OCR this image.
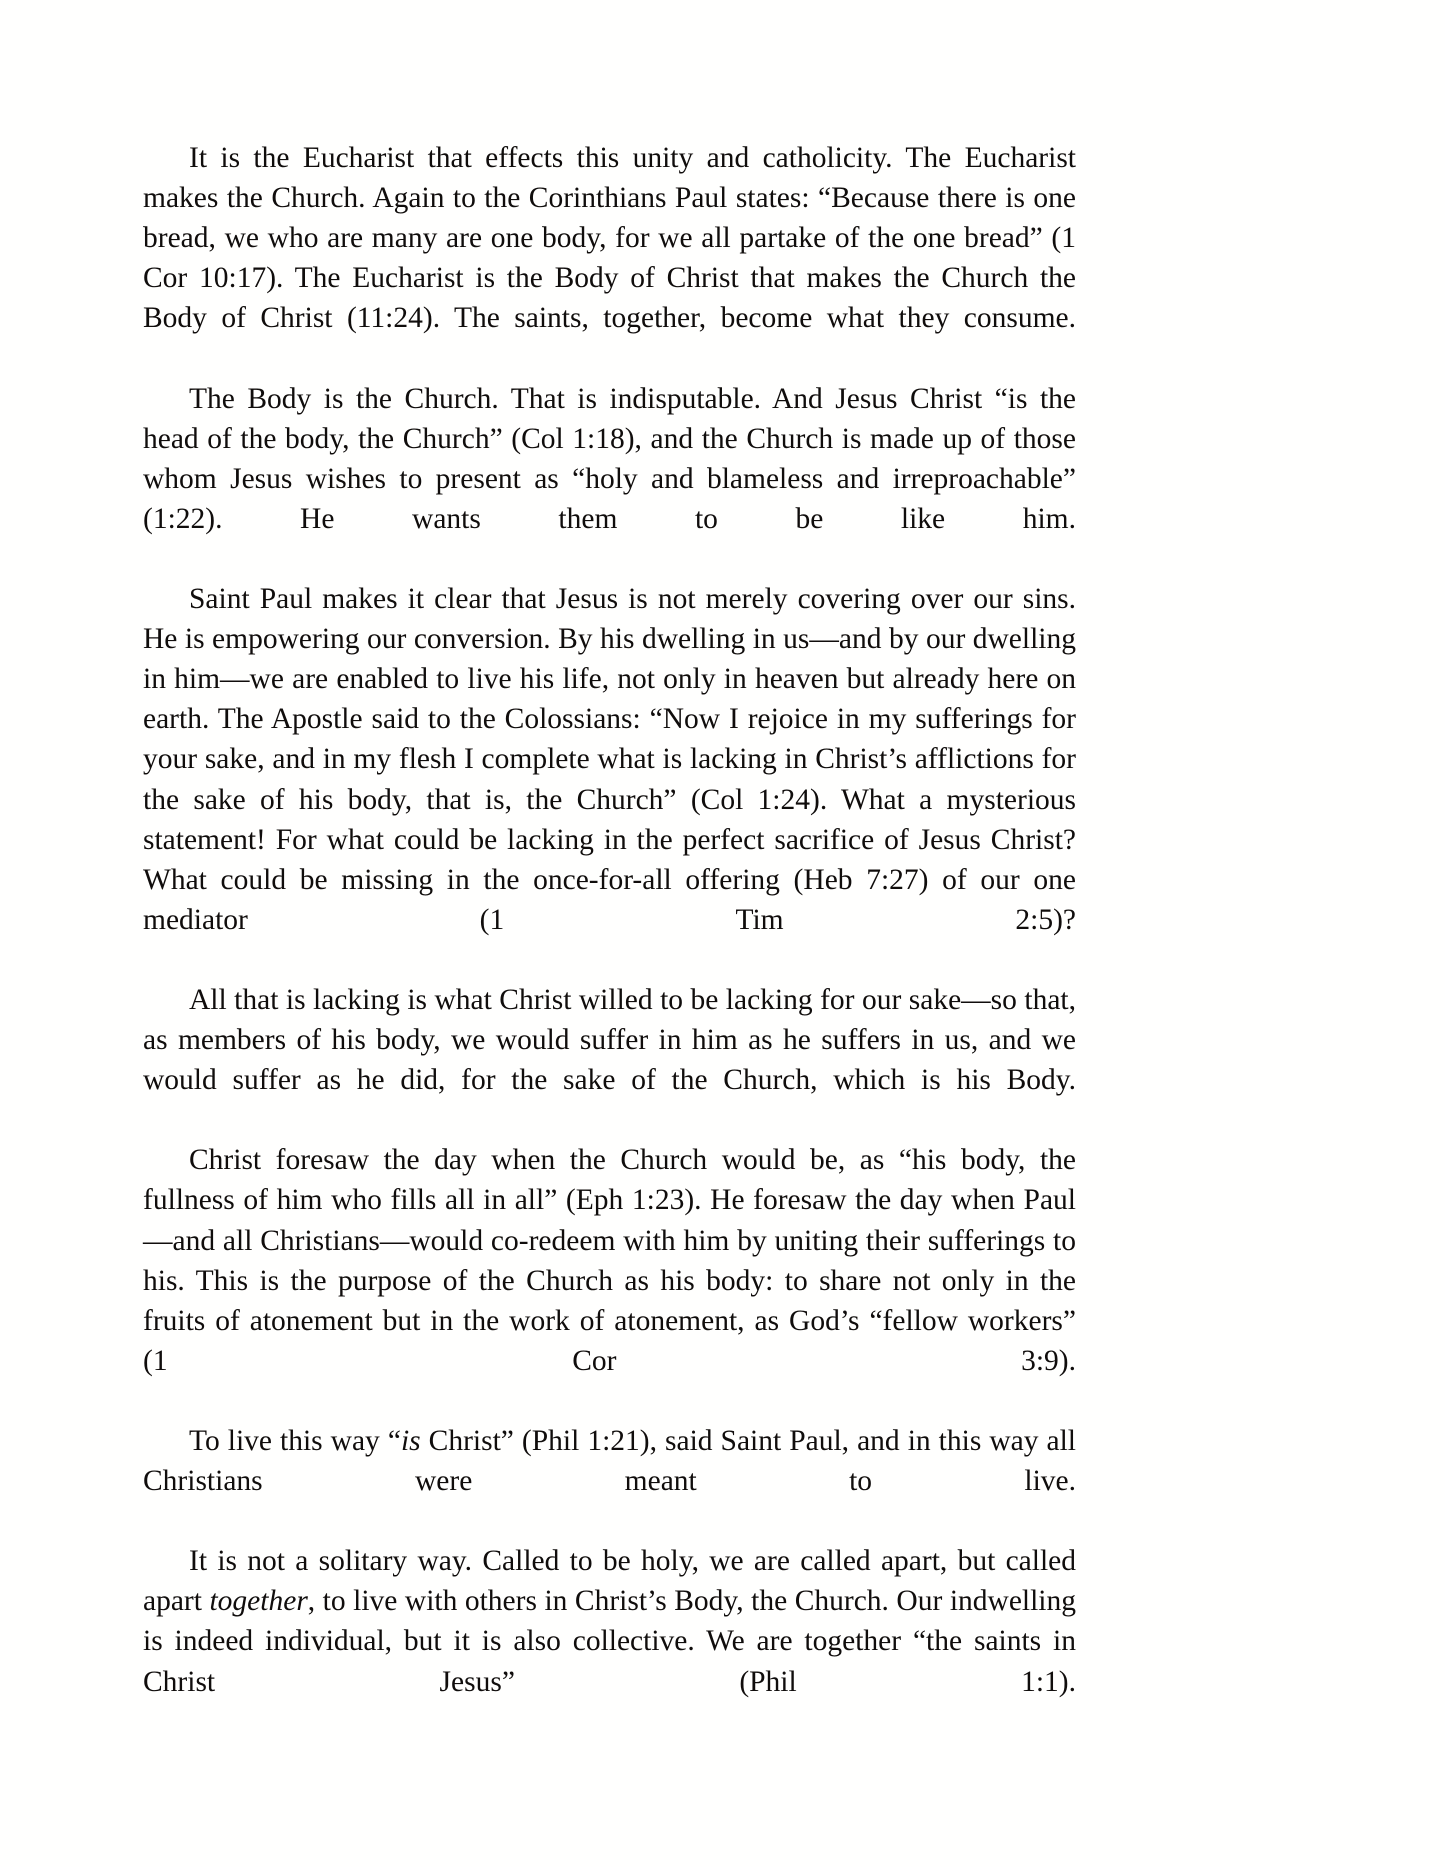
It is the Eucharist that effects this unity and catholicity. The Eucharist makes the Church. Again to the Corinthians Paul states: “Because there is one bread, we who are many are one body, for we all partake of the one bread” (1 Cor 10:17). The Eucharist is the Body of Christ that makes the Church the Body of Christ (11:24). The saints, together, become what they consume.

The Body is the Church. That is indisputable. And Jesus Christ “is the head of the body, the Church” (Col 1:18), and the Church is made up of those whom Jesus wishes to present as “holy and blameless and irreproachable” (1:22). He wants them to be like him.

Saint Paul makes it clear that Jesus is not merely covering over our sins. He is empowering our conversion. By his dwelling in us—and by our dwelling in him—we are enabled to live his life, not only in heaven but already here on earth. The Apostle said to the Colossians: “Now I rejoice in my sufferings for your sake, and in my flesh I complete what is lacking in Christ’s afflictions for the sake of his body, that is, the Church” (Col 1:24). What a mysterious statement! For what could be lacking in the perfect sacrifice of Jesus Christ? What could be missing in the once-for-all offering (Heb 7:27) of our one mediator (1 Tim 2:5)?

All that is lacking is what Christ willed to be lacking for our sake—so that, as members of his body, we would suffer in him as he suffers in us, and we would suffer as he did, for the sake of the Church, which is his Body.

Christ foresaw the day when the Church would be, as “his body, the fullness of him who fills all in all” (Eph 1:23). He foresaw the day when Paul—and all Christians—would co-redeem with him by uniting their sufferings to his. This is the purpose of the Church as his body: to share not only in the fruits of atonement but in the work of atonement, as God’s “fellow workers” (1 Cor 3:9).

To live this way “is Christ” (Phil 1:21), said Saint Paul, and in this way all Christians were meant to live.

It is not a solitary way. Called to be holy, we are called apart, but called apart together, to live with others in Christ’s Body, the Church. Our indwelling is indeed individual, but it is also collective. We are together “the saints in Christ Jesus” (Phil 1:1).
